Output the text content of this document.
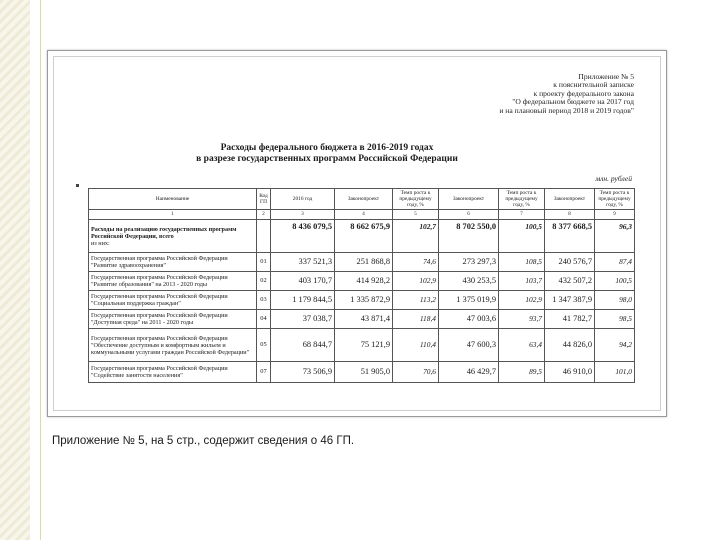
Приложение № 5
к пояснительной записке
к проекту федерального закона
"О федеральном бюджете на 2017 год
и на плановый период 2018 и 2019 годов"
Расходы федерального бюджета в 2016-2019 годах
в разрезе государственных программ Российской Федерации
млн. рублей
Наименование	Код ГП	2016 год	Законопроект	Темп роста к предыдущему году, %	Законопроект	Темп роста к предыдущему году, %	Законопроект	Темп роста к предыдущему году, %
1	2	3	4	5	6	7	8	9
Расходы на реализацию государственных программ Российской Федерации, всего
из них:		8 436 079,5	8 662 675,9	102,7	8 702 550,0	100,5	8 377 668,5	96,3
Государственная программа Российской Федерации "Развитие здравоохранения"	01	337 521,3	251 868,8	74,6	273 297,3	108,5	240 576,7	87,4
Государственная программа Российской Федерации "Развитие образования" на 2013 - 2020 годы	02	403 170,7	414 928,2	102,9	430 253,5	103,7	432 507,2	100,5
Государственная программа Российской Федерации "Социальная поддержка граждан"	03	1 179 844,5	1 335 872,9	113,2	1 375 019,9	102,9	1 347 387,9	98,0
Государственная программа Российской Федерации "Доступная среда" на 2011 - 2020 годы	04	37 038,7	43 871,4	118,4	47 003,6	93,7	41 782,7	98,5
Государственная программа Российской Федерации "Обеспечение доступным и комфортным жильем и коммунальными услугами граждан Российской Федерации"	05	68 844,7	75 121,9	110,4	47 600,3	63,4	44 826,0	94,2
Государственная программа Российской Федерации "Содействие занятости населения"	07	73 506,9	51 905,0	70,6	46 429,7	89,5	46 910,0	101,0
Приложение № 5, на 5 стр., содержит сведения о 46 ГП.
